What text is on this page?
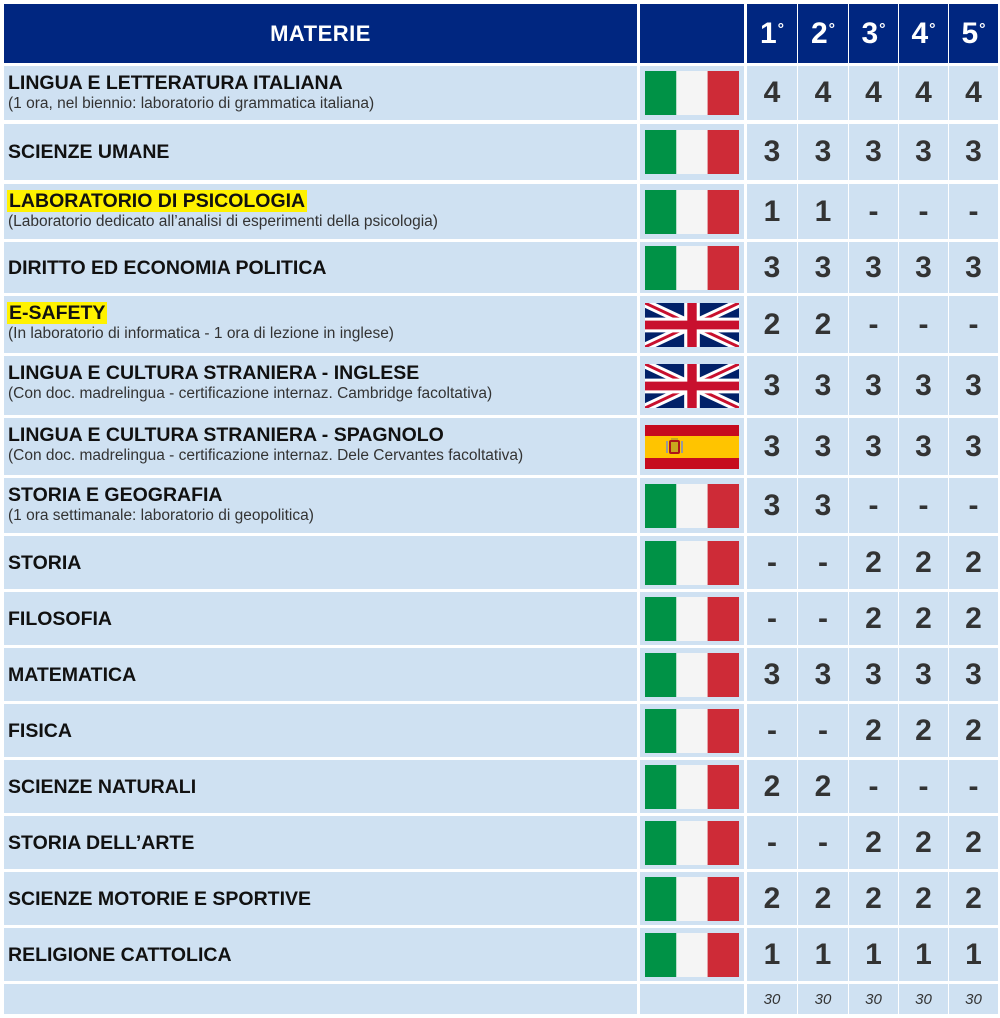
MATERIE	1° 2° 3° 4° 5°
LINGUA E LETTERATURA ITALIANA
(1 ora, nel biennio: laboratorio di grammatica italiana)	4	4	4	4	4
SCIENZE UMANE	3	3	3	3	3
LABORATORIO DI PSICOLOGIA
(Laboratorio dedicato all’analisi di esperimenti della psicologia)	1	1	-	-	-
DIRITTO ED ECONOMIA POLITICA	3	3	3	3	3
E-SAFETY
(In laboratorio di informatica - 1 ora di lezione in inglese)	2	2	-	-	-
LINGUA E CULTURA STRANIERA - INGLESE
(Con doc. madrelingua - certificazione internaz. Cambridge facoltativa)	3	3	3	3	3
LINGUA E CULTURA STRANIERA - SPAGNOLO
(Con doc. madrelingua - certificazione internaz. Dele Cervantes facoltativa)	3	3	3	3	3
STORIA E GEOGRAFIA
(1 ora settimanale: laboratorio di geopolitica)	3	3	-	-	-
STORIA	-	-	2	2	2
FILOSOFIA	-	-	2	2	2
MATEMATICA	3	3	3	3	3
FISICA	-	-	2	2	2
SCIENZE NATURALI	2	2	-	-	-
STORIA DELL’ARTE	-	-	2	2	2
SCIENZE MOTORIE E SPORTIVE	2	2	2	2	2
RELIGIONE CATTOLICA	1	1	1	1	1
30	30	30	30	30
